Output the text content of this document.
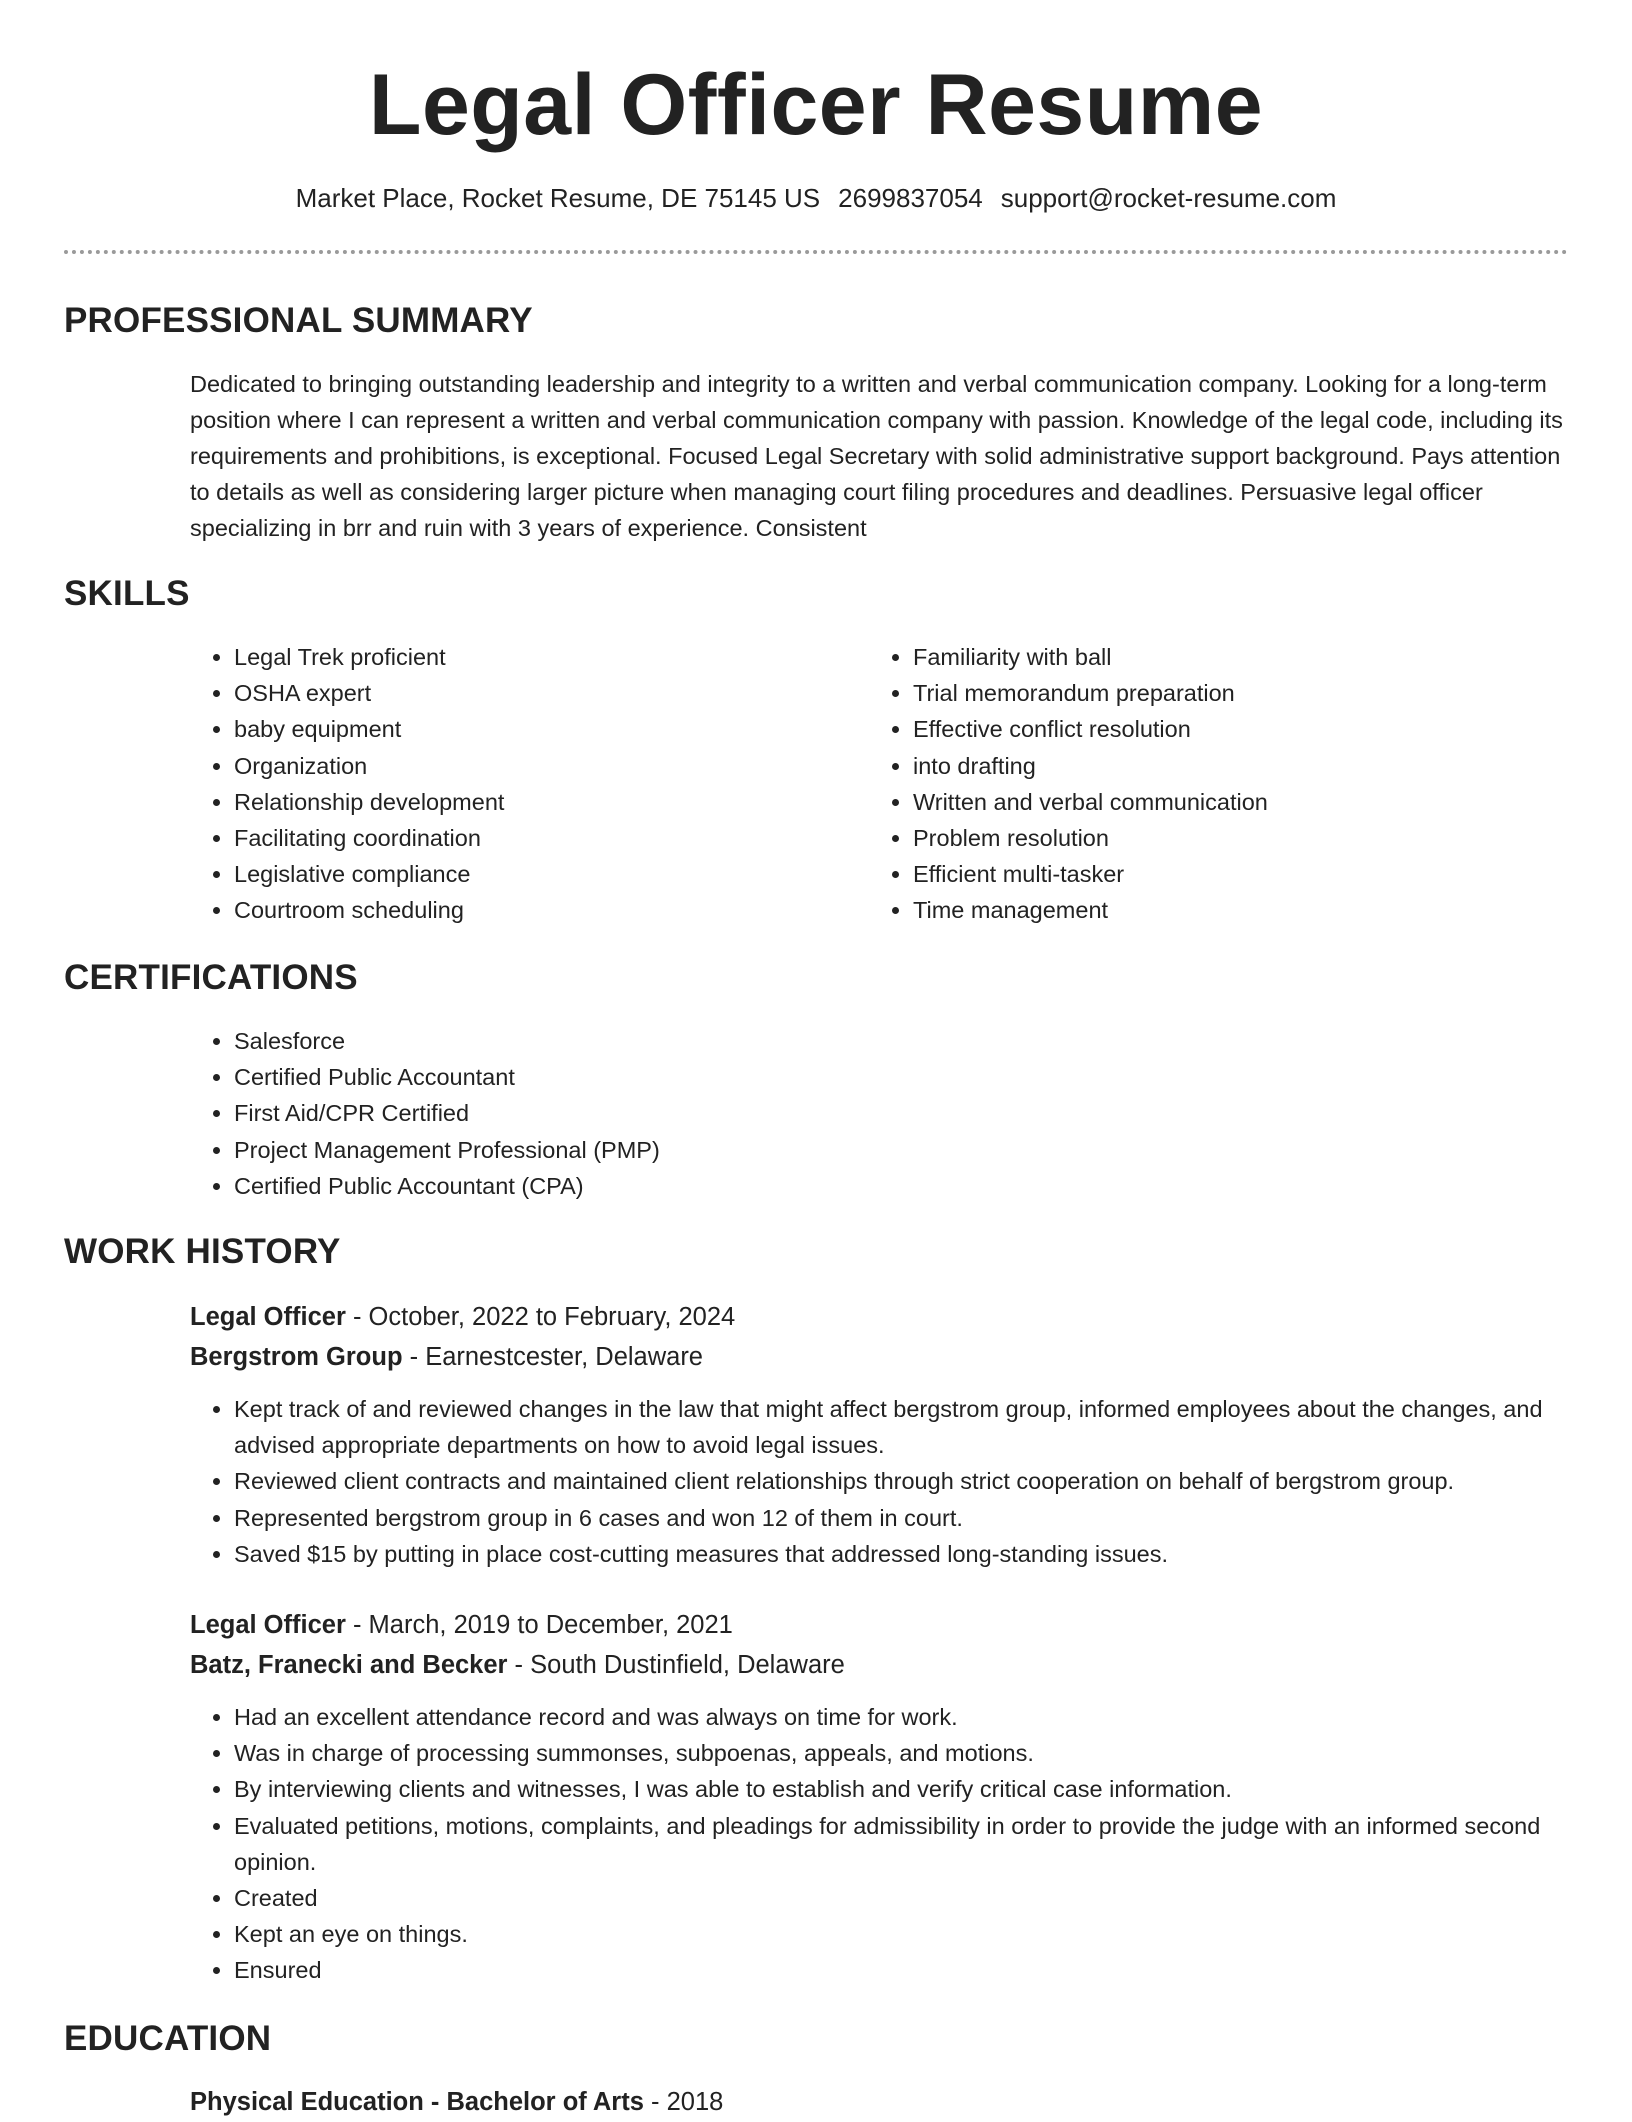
Legal Officer Resume
Market Place, Rocket Resume, DE 75145 US 2699837054 support@rocket-resume.com
PROFESSIONAL SUMMARY
Dedicated to bringing outstanding leadership and integrity to a written and verbal communication company. Looking for a long-term position where I can represent a written and verbal communication company with passion. Knowledge of the legal code, including its requirements and prohibitions, is exceptional. Focused Legal Secretary with solid administrative support background. Pays attention to details as well as considering larger picture when managing court filing procedures and deadlines. Persuasive legal officer specializing in brr and ruin with 3 years of experience. Consistent
SKILLS
• Legal Trek proficient
• OSHA expert
• baby equipment
• Organization
• Relationship development
• Facilitating coordination
• Legislative compliance
• Courtroom scheduling
• Familiarity with ball
• Trial memorandum preparation
• Effective conflict resolution
• into drafting
• Written and verbal communication
• Problem resolution
• Efficient multi-tasker
• Time management
CERTIFICATIONS
• Salesforce
• Certified Public Accountant
• First Aid/CPR Certified
• Project Management Professional (PMP)
• Certified Public Accountant (CPA)
WORK HISTORY
Legal Officer - October, 2022 to February, 2024
Bergstrom Group - Earnestcester, Delaware
• Kept track of and reviewed changes in the law that might affect bergstrom group, informed employees about the changes, and advised appropriate departments on how to avoid legal issues.
• Reviewed client contracts and maintained client relationships through strict cooperation on behalf of bergstrom group.
• Represented bergstrom group in 6 cases and won 12 of them in court.
• Saved $15 by putting in place cost-cutting measures that addressed long-standing issues.
Legal Officer - March, 2019 to December, 2021
Batz, Franecki and Becker - South Dustinfield, Delaware
• Had an excellent attendance record and was always on time for work.
• Was in charge of processing summonses, subpoenas, appeals, and motions.
• By interviewing clients and witnesses, I was able to establish and verify critical case information.
• Evaluated petitions, motions, complaints, and pleadings for admissibility in order to provide the judge with an informed second opinion.
• Created
• Kept an eye on things.
• Ensured
EDUCATION
Physical Education - Bachelor of Arts - 2018
